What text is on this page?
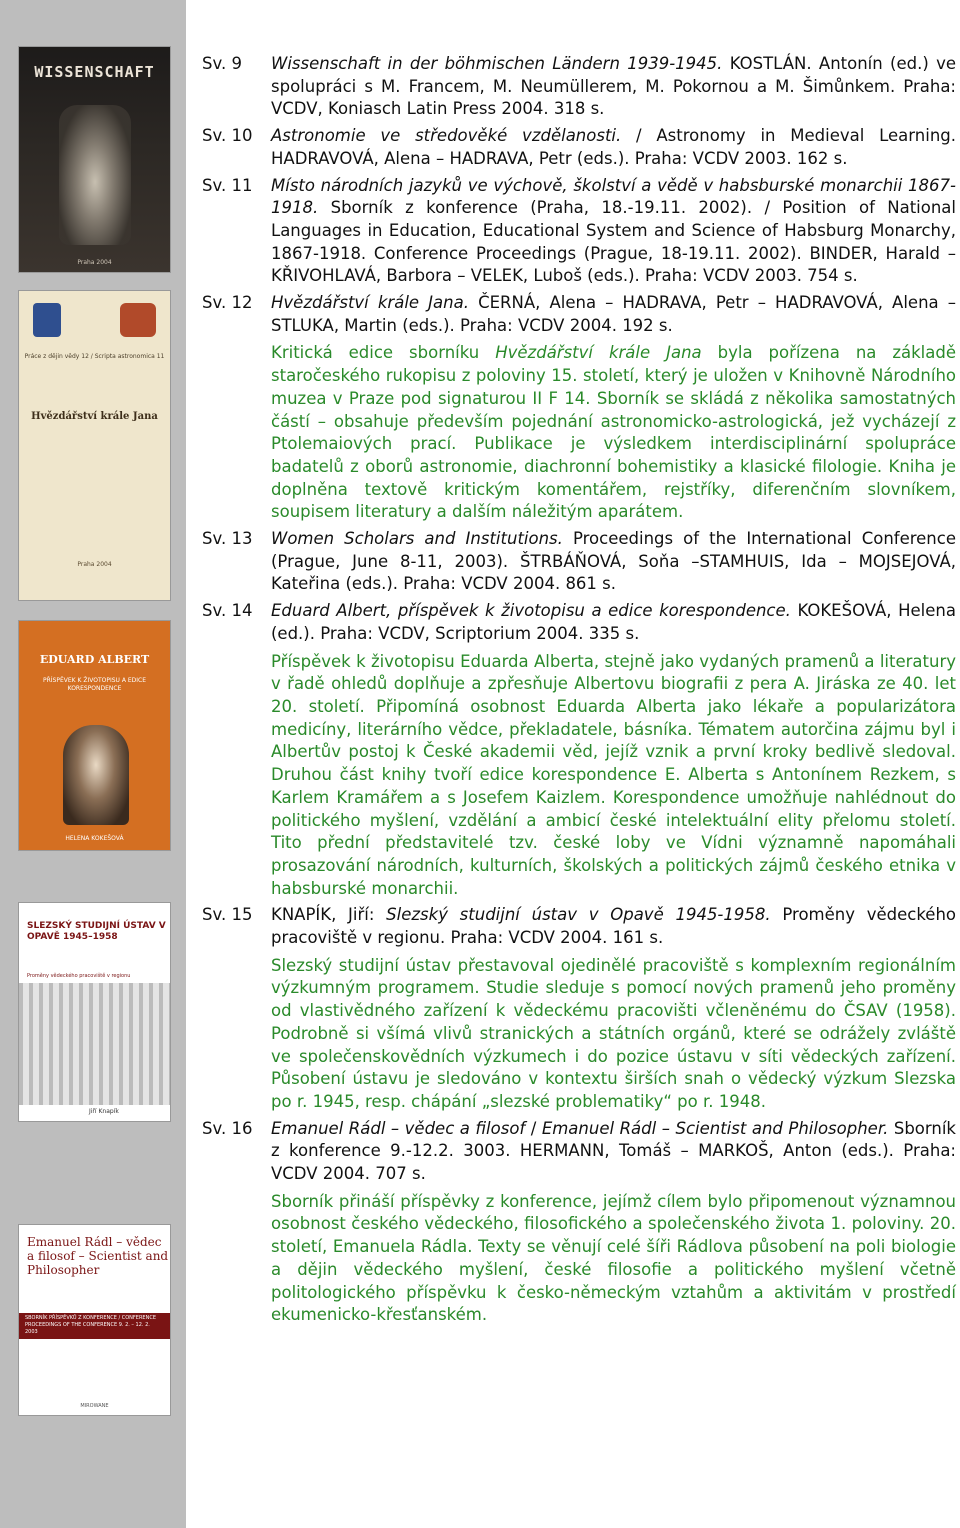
WISSENSCHAFT
Praha 2004
Práce z dějin vědy 12 / Scripta astronomica 11
Hvězdářství krále Jana
Praha 2004
EDUARD ALBERT
PŘÍSPĚVEK K ŽIVOTOPISU A EDICE KORESPONDENCE
HELENA KOKEŠOVÁ
SLEZSKÝ STUDIJNÍ ÚSTAV V OPAVĚ 1945–1958
Proměny vědeckého pracoviště v regionu
Jiří Knapík
Emanuel Rádl – vědec a filosof – Scientist and Philosopher
SBORNÍK PŘÍSPĚVKŮ Z KONFERENCE / CONFERENCE PROCEEDINGS OF THE CONFERENCE 9. 2. – 12. 2. 2003
MIROWANE
Sv. 9	Wissenschaft in der böhmischen Ländern 1939-1945. KOSTLÁN. Antonín (ed.) ve spolupráci s M. Francem, M. Neumüllerem, M. Pokornou a M. Šimůnkem. Praha: VCDV, Koniasch Latin Press 2004. 318 s.
Sv. 10	Astronomie ve středověké vzdělanosti. / Astronomy in Medieval Learning. HADRAVOVÁ, Alena – HADRAVA, Petr (eds.). Praha: VCDV 2003. 162 s.
Sv. 11	Místo národních jazyků ve výchově, školství a vědě v habsburské monarchii 1867-1918. Sborník z konference (Praha, 18.-19.11. 2002). / Position of National Languages in Education, Educational System and Science of Habsburg Monarchy, 1867-1918. Conference Proceedings (Prague, 18-19.11. 2002). BINDER, Harald – KŘIVOHLAVÁ, Barbora – VELEK, Luboš (eds.). Praha: VCDV 2003. 754 s.
Sv. 12	Hvězdářství krále Jana. ČERNÁ, Alena – HADRAVA, Petr – HADRAVOVÁ, Alena – STLUKA, Martin (eds.). Praha: VCDV 2004. 192 s.
Kritická edice sborníku Hvězdářství krále Jana byla pořízena na základě staročeského rukopisu z poloviny 15. století, který je uložen v Knihovně Národního muzea v Praze pod signaturou II F 14. Sborník se skládá z několika samostatných částí – obsahuje především pojednání astronomicko-astrologická, jež vycházejí z Ptolemaiových prací. Publikace je výsledkem interdisciplinární spolupráce badatelů z oborů astronomie, diachronní bohemistiky a klasické filologie. Kniha je doplněna textově kritickým komentářem, rejstříky, diferenčním slovníkem, soupisem literatury a dalším náležitým aparátem.
Sv. 13	Women Scholars and Institutions. Proceedings of the International Conference (Prague, June 8-11, 2003). ŠTRBÁŇOVÁ, Soňa –STAMHUIS, Ida – MOJSEJOVÁ, Kateřina (eds.). Praha: VCDV 2004. 861 s.
Sv. 14	Eduard Albert, příspěvek k životopisu a edice korespondence. KOKEŠOVÁ, Helena (ed.). Praha: VCDV, Scriptorium 2004. 335 s.
Příspěvek k životopisu Eduarda Alberta, stejně jako vydaných pramenů a literatury v řadě ohledů doplňuje a zpřesňuje Albertovu biografii z pera A. Jiráska ze 40. let 20. století. Připomíná osobnost Eduarda Alberta jako lékaře a popularizátora medicíny, literárního vědce, překladatele, básníka. Tématem autorčina zájmu byl i Albertův postoj k České akademii věd, jejíž vznik a první kroky bedlivě sledoval. Druhou část knihy tvoří edice korespondence E. Alberta s Antonínem Rezkem, s Karlem Kramářem a s Josefem Kaizlem. Korespondence umožňuje nahlédnout do politického myšlení, vzdělání a ambicí české intelektuální elity přelomu století. Tito přední představitelé tzv. české loby ve Vídni významně napomáhali prosazování národních, kulturních, školských a politických zájmů českého etnika v habsburské monarchii.
Sv. 15	KNAPÍK, Jiří: Slezský studijní ústav v Opavě 1945-1958. Proměny vědeckého pracoviště v regionu. Praha: VCDV 2004. 161 s.
Slezský studijní ústav přestavoval ojedinělé pracoviště s komplexním regionálním výzkumným programem. Studie sleduje s pomocí nových pramenů jeho proměny od vlastivědného zařízení k vědeckému pracovišti včleněnému do ČSAV (1958). Podrobně si všímá vlivů stranických a státních orgánů, které se odrážely zvláště ve společenskovědních výzkumech i do pozice ústavu v síti vědeckých zařízení. Působení ústavu je sledováno v kontextu širších snah o vědecký výzkum Slezska po r. 1945, resp. chápání „slezské problematiky“ po r. 1948.
Sv. 16	Emanuel Rádl – vědec a filosof / Emanuel Rádl – Scientist and Philosopher. Sborník z konference 9.-12.2. 3003. HERMANN, Tomáš – MARKOŠ, Anton (eds.). Praha: VCDV 2004. 707 s.
Sborník přináší příspěvky z konference, jejímž cílem bylo připomenout významnou osobnost českého vědeckého, filosofického a společenského života 1. poloviny. 20. století, Emanuela Rádla. Texty se věnují celé šíři Rádlova působení na poli biologie a dějin vědeckého myšlení, české filosofie a politického myšlení včetně politologického příspěvku k česko-německým vztahům a aktivitám v prostředí ekumenicko-křesťanském.
